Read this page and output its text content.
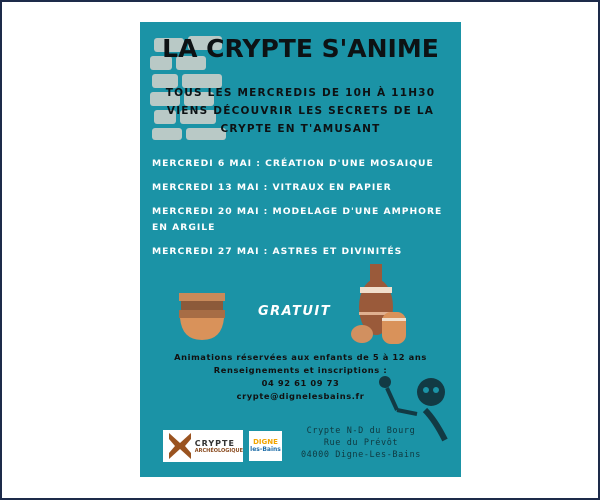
LA CRYPTE S'ANIME
TOUS LES MERCREDIS DE 10H À 11H30
VIENS DÉCOUVRIR LES SECRETS DE LA
CRYPTE EN T'AMUSANT
MERCREDI 6 MAI : CRÉATION D'UNE MOSAIQUE
MERCREDI 13 MAI : VITRAUX EN PAPIER
MERCREDI 20 MAI : MODELAGE D'UNE AMPHORE EN ARGILE
MERCREDI 27 MAI : ASTRES ET DIVINITÉS
GRATUIT
Animations réservées aux enfants de 5 à 12 ans
Renseignements et inscriptions :
04 92 61 09 73
crypte@dignelesbains.fr
CRYPTE
ARCHÉOLOGIQUE
DIGNE
les-Bains
Crypte N-D du Bourg
Rue du Prévôt
04000 Digne-Les-Bains
